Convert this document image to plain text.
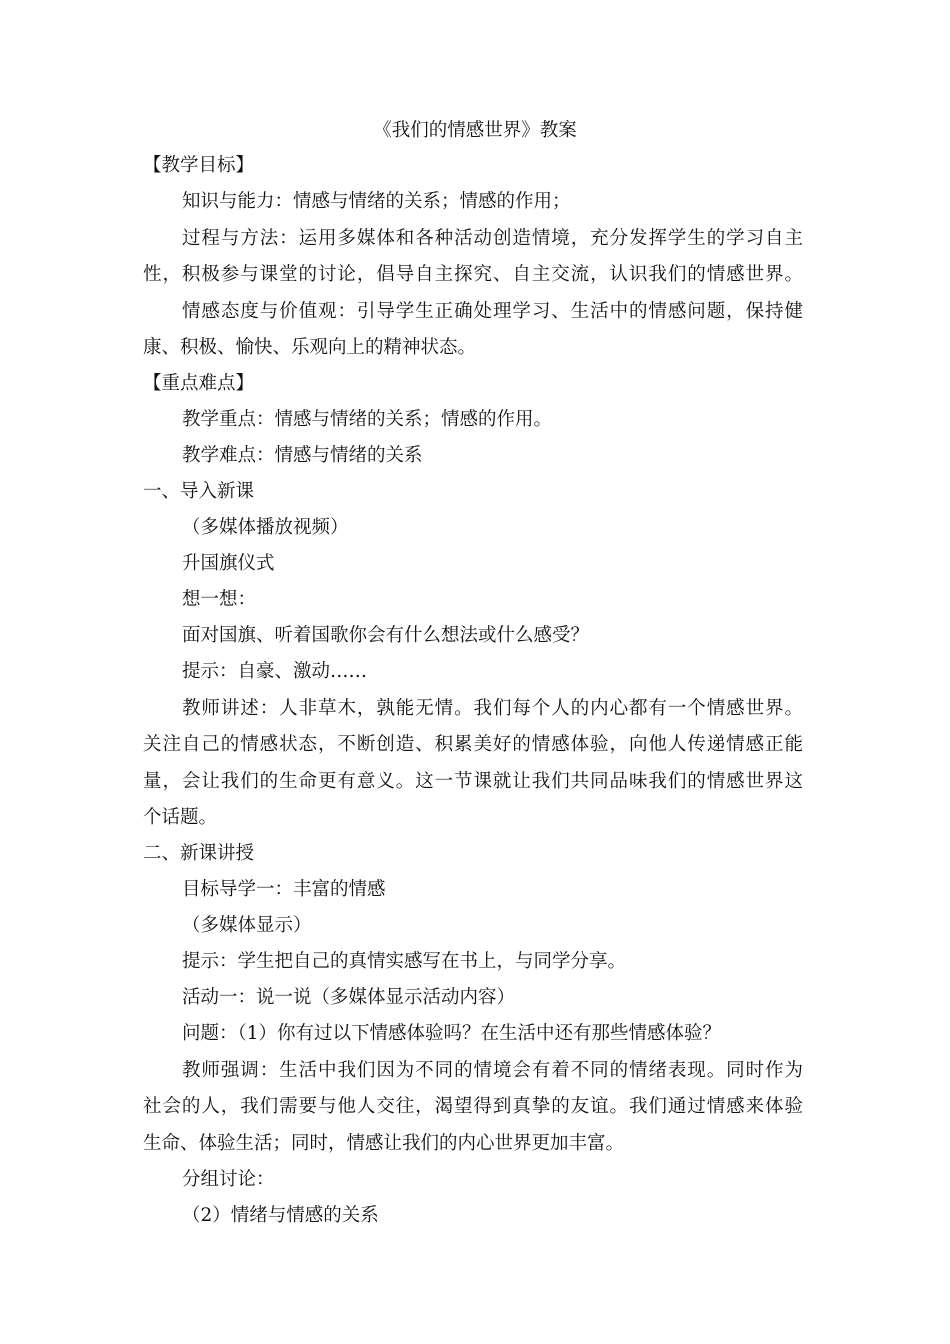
《我们的情感世界》教案
【教学目标】
知识与能力：情感与情绪的关系；情感的作用；
过程与方法：运用多媒体和各种活动创造情境，充分发挥学生的学习自主
性，积极参与课堂的讨论，倡导自主探究、自主交流，认识我们的情感世界。
情感态度与价值观：引导学生正确处理学习、生活中的情感问题，保持健
康、积极、愉快、乐观向上的精神状态。
【重点难点】
教学重点：情感与情绪的关系；情感的作用。
教学难点：情感与情绪的关系
一、导入新课
（多媒体播放视频）
升国旗仪式
想一想：
面对国旗、听着国歌你会有什么想法或什么感受？
提示：自豪、激动……
教师讲述：人非草木，孰能无情。我们每个人的内心都有一个情感世界。
关注自己的情感状态，不断创造、积累美好的情感体验，向他人传递情感正能
量，会让我们的生命更有意义。这一节课就让我们共同品味我们的情感世界这
个话题。
二、新课讲授
目标导学一：丰富的情感
（多媒体显示）
提示：学生把自己的真情实感写在书上，与同学分享。
活动一：说一说（多媒体显示活动内容）
问题：（1）你有过以下情感体验吗？在生活中还有那些情感体验？
教师强调：生活中我们因为不同的情境会有着不同的情绪表现。同时作为
社会的人，我们需要与他人交往，渴望得到真挚的友谊。我们通过情感来体验
生命、体验生活；同时，情感让我们的内心世界更加丰富。
分组讨论：
（2）情绪与情感的关系
